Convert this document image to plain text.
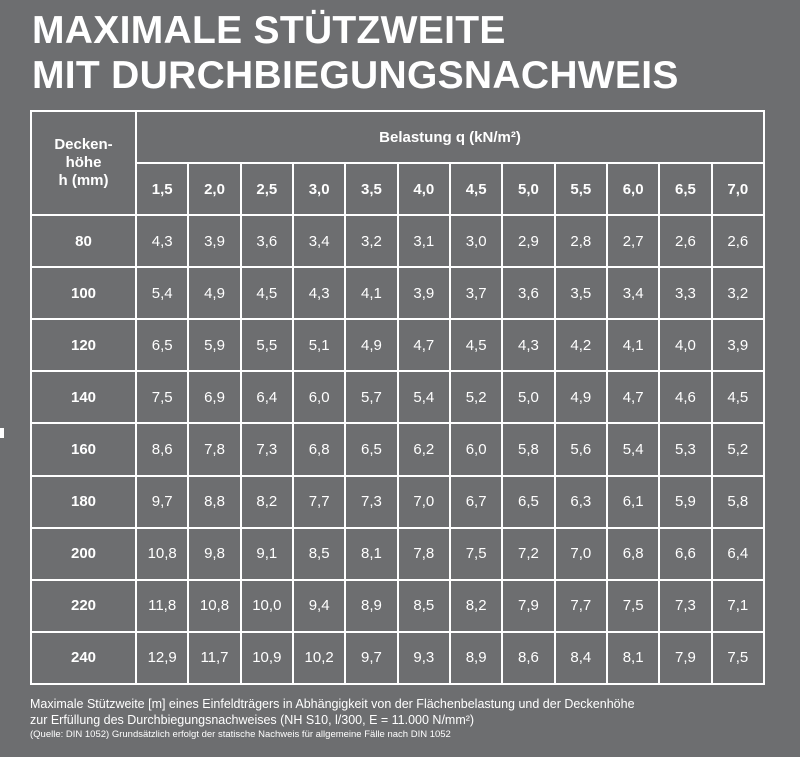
MAXIMALE STÜTZWEITE
MIT DURCHBIEGUNGSNACHWEIS
Decken-
höhe
h (mm)	Belastung q (kN/m²)											
	1,5	2,0	2,5	3,0	3,5	4,0	4,5	5,0	5,5	6,0	6,5	7,0
80	4,3	3,9	3,6	3,4	3,2	3,1	3,0	2,9	2,8	2,7	2,6	2,6
100	5,4	4,9	4,5	4,3	4,1	3,9	3,7	3,6	3,5	3,4	3,3	3,2
120	6,5	5,9	5,5	5,1	4,9	4,7	4,5	4,3	4,2	4,1	4,0	3,9
140	7,5	6,9	6,4	6,0	5,7	5,4	5,2	5,0	4,9	4,7	4,6	4,5
160	8,6	7,8	7,3	6,8	6,5	6,2	6,0	5,8	5,6	5,4	5,3	5,2
180	9,7	8,8	8,2	7,7	7,3	7,0	6,7	6,5	6,3	6,1	5,9	5,8
200	10,8	9,8	9,1	8,5	8,1	7,8	7,5	7,2	7,0	6,8	6,6	6,4
220	11,8	10,8	10,0	9,4	8,9	8,5	8,2	7,9	7,7	7,5	7,3	7,1
240	12,9	11,7	10,9	10,2	9,7	9,3	8,9	8,6	8,4	8,1	7,9	7,5
Maximale Stützweite [m] eines Einfeldträgers in Abhängigkeit von der Flächenbelastung und der Deckenhöhe
zur Erfüllung des Durchbiegungsnachweises (NH S10, l/300, E = 11.000 N/mm²)
(Quelle: DIN 1052) Grundsätzlich erfolgt der statische Nachweis für allgemeine Fälle nach DIN 1052
